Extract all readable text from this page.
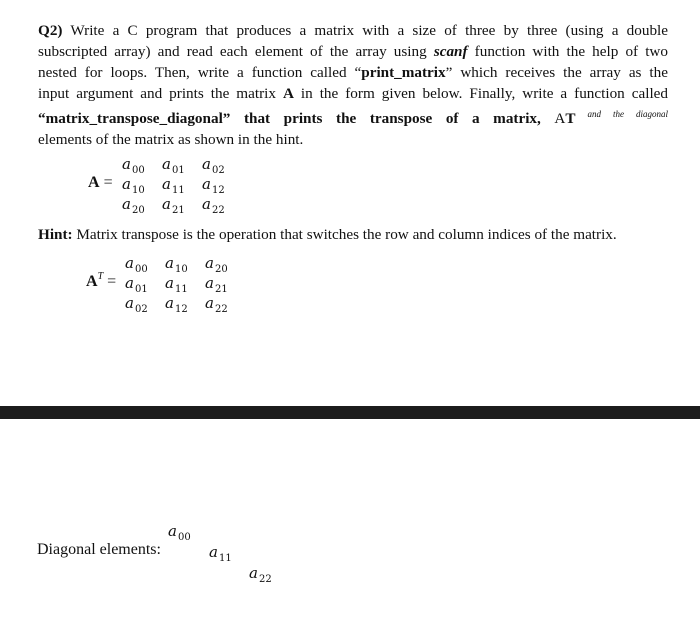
Q2) Write a C program that produces a matrix with a size of three by three (using a double
subscripted array) and read each element of the array using scanf function with the help of two
nested for loops. Then, write a function called “print_matrix” which receives the array as the
input argument and prints the matrix A in the form given below. Finally, write a function called
“matrix_transpose_diagonal” that prints the transpose of a matrix, AT $^{and the diagonal}$
elements of the matrix as shown in the hint.
A =
$a_{00}$ $a_{01}$ $a_{02}$
$a_{10}$ $a_{11}$ $a_{12}$
$a_{20}$ $a_{21}$ $a_{22}$
Hint: Matrix transpose is the operation that switches the row and column indices of the matrix.
$A^T$ =
$a_{00}$ $a_{10}$ $a_{20}$
$a_{01}$ $a_{11}$ $a_{21}$
$a_{02}$ $a_{12}$ $a_{22}$
Diagonal elements:
$a_{00}$
$a_{11}$
$a_{22}$
